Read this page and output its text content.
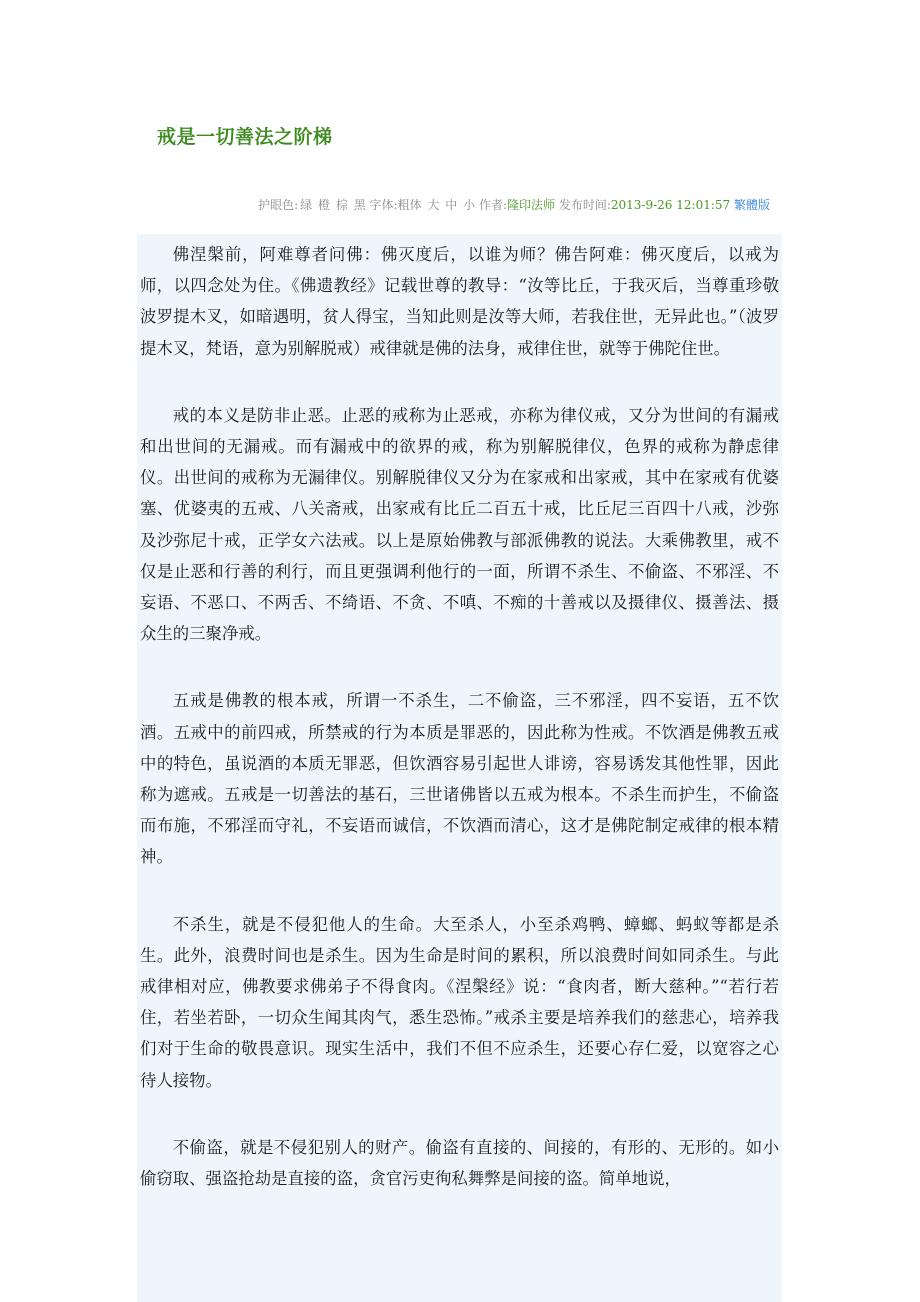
戒是一切善法之阶梯
护眼色: 绿 橙 棕 黑 字体:粗体 大 中 小 作者:隆印法师 发布时间:2013-9-26 12:01:57 繁體版

佛涅槃前，阿难尊者问佛：佛灭度后，以谁为师？佛告阿难：佛灭度后，以戒为师，以四念处为住。《佛遗教经》记载世尊的教导：“汝等比丘，于我灭后，当尊重珍敬波罗提木叉，如暗遇明，贫人得宝，当知此则是汝等大师，若我住世，无异此也。”（波罗提木叉，梵语，意为别解脱戒）戒律就是佛的法身，戒律住世，就等于佛陀住世。

戒的本义是防非止恶。止恶的戒称为止恶戒，亦称为律仪戒，又分为世间的有漏戒和出世间的无漏戒。而有漏戒中的欲界的戒，称为别解脱律仪，色界的戒称为静虑律仪。出世间的戒称为无漏律仪。别解脱律仪又分为在家戒和出家戒，其中在家戒有优婆塞、优婆夷的五戒、八关斋戒，出家戒有比丘二百五十戒，比丘尼三百四十八戒，沙弥及沙弥尼十戒，正学女六法戒。以上是原始佛教与部派佛教的说法。大乘佛教里，戒不仅是止恶和行善的利行，而且更强调利他行的一面，所谓不杀生、不偷盗、不邪淫、不妄语、不恶口、不两舌、不绮语、不贪、不嗔、不痴的十善戒以及摄律仪、摄善法、摄众生的三聚净戒。

五戒是佛教的根本戒，所谓一不杀生，二不偷盗，三不邪淫，四不妄语，五不饮酒。五戒中的前四戒，所禁戒的行为本质是罪恶的，因此称为性戒。不饮酒是佛教五戒中的特色，虽说酒的本质无罪恶，但饮酒容易引起世人诽谤，容易诱发其他性罪，因此称为遮戒。五戒是一切善法的基石，三世诸佛皆以五戒为根本。不杀生而护生，不偷盗而布施，不邪淫而守礼，不妄语而诚信，不饮酒而清心，这才是佛陀制定戒律的根本精神。

不杀生，就是不侵犯他人的生命。大至杀人，小至杀鸡鸭、蟑螂、蚂蚁等都是杀生。此外，浪费时间也是杀生。因为生命是时间的累积，所以浪费时间如同杀生。与此戒律相对应，佛教要求佛弟子不得食肉。《涅槃经》说：“食肉者，断大慈种。”“若行若住，若坐若卧，一切众生闻其肉气，悉生恐怖。”戒杀主要是培养我们的慈悲心，培养我们对于生命的敬畏意识。现实生活中，我们不但不应杀生，还要心存仁爱，以宽容之心待人接物。

不偷盗，就是不侵犯别人的财产。偷盗有直接的、间接的，有形的、无形的。如小偷窃取、强盗抢劫是直接的盗，贪官污吏徇私舞弊是间接的盗。简单地说，
